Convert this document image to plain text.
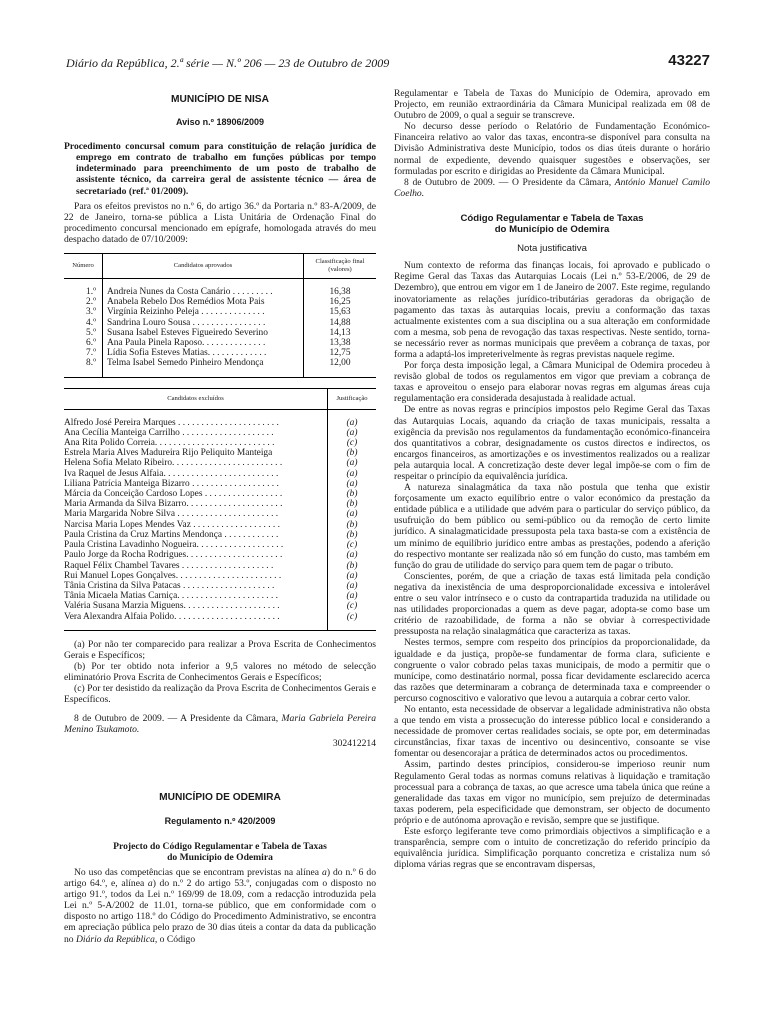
Diário da República, 2.ª série — N.º 206 — 23 de Outubro de 2009	43227

MUNICÍPIO DE NISA

Aviso n.º 18906/2009

Procedimento concursal comum para constituição de relação jurídica de emprego em contrato de trabalho em funções públicas por tempo indeterminado para preenchimento de um posto de trabalho de assistente técnico, da carreira geral de assistente técnico — área de secretariado (ref.ª 01/2009).

Para os efeitos previstos no n.º 6, do artigo 36.º da Portaria n.º 83-A/2009, de 22 de Janeiro, torna-se pública a Lista Unitária de Ordenação Final do procedimento concursal mencionado em epígrafe, homologada através do meu despacho datado de 07/10/2009:

Número	Candidatos aprovados	Classificação final (valores)

1.º	Andreia Nunes da Costa Canário . . . . . . . . .	16,38
2.º	Anabela Rebelo Dos Remédios Mota Pais	16,25
3.º	Virgínia Reizinho Peleja . . . . . . . . . . . . . .	15,63
4.º	Sandrina Louro Sousa . . . . . . . . . . . . . . . .	14,88
5.º	Susana Isabel Esteves Figueiredo Severino	14,13
6.º	Ana Paula Pinela Raposo. . . . . . . . . . . . . .	13,38
7.º	Lídia Sofia Esteves Matias. . . . . . . . . . . . .	12,75
8.º	Telma Isabel Semedo Pinheiro Mendonça	12,00

Candidatos excluídos	Justificação

Alfredo José Pereira Marques . . . . . . . . . . . . . . . . . . . . . .	(a)
Ana Cecília Manteiga Carrilho . . . . . . . . . . . . . . . . . . . .	(a)
Ana Rita Polido Correia. . . . . . . . . . . . . . . . . . . . . . . . . .	(c)
Estrela Maria Alves Madureira Rijo Peliquito Manteiga	(b)
Helena Sofia Melato Ribeiro. . . . . . . . . . . . . . . . . . . . . . . .	(a)
Iva Raquel de Jesus Alfaia. . . . . . . . . . . . . . . . . . . . . . . . .	(a)
Liliana Patrícia Manteiga Bizarro . . . . . . . . . . . . . . . . . . .	(a)
Márcia da Conceição Cardoso Lopes . . . . . . . . . . . . . . . . .	(b)
Maria Armanda da Silva Bizarro. . . . . . . . . . . . . . . . . . . . .	(b)
Maria Margarida Nobre Silva . . . . . . . . . . . . . . . . . . . . . .	(a)
Narcisa Maria Lopes Mendes Vaz . . . . . . . . . . . . . . . . . . .	(b)
Paula Cristina da Cruz Martins Mendonça . . . . . . . . . . . .	(b)
Paula Cristina Lavadinho Nogueira. . . . . . . . . . . . . . . . . . .	(c)
Paulo Jorge da Rocha Rodrigues. . . . . . . . . . . . . . . . . . . . .	(a)
Raquel Félix Chambel Tavares . . . . . . . . . . . . . . . . . . . .	(b)
Rui Manuel Lopes Gonçalves. . . . . . . . . . . . . . . . . . . . . . .	(a)
Tânia Cristina da Silva Patacas . . . . . . . . . . . . . . . . . . . .	(a)
Tânia Micaela Matias Carniça. . . . . . . . . . . . . . . . . . . . . .	(a)
Valéria Susana Marzia Miguens. . . . . . . . . . . . . . . . . . . . .	(c)
Vera Alexandra Alfaia Polido. . . . . . . . . . . . . . . . . . . . . . .	(c)

(a) Por não ter comparecido para realizar a Prova Escrita de Conhecimentos Gerais e Específicos;

(b) Por ter obtido nota inferior a 9,5 valores no método de selecção eliminatório Prova Escrita de Conhecimentos Gerais e Específicos;

(c) Por ter desistido da realização da Prova Escrita de Conhecimentos Gerais e Específicos.

8 de Outubro de 2009. — A Presidente da Câmara, Maria Gabriela Pereira Menino Tsukamoto.

302412214

MUNICÍPIO DE ODEMIRA

Regulamento n.º 420/2009

Projecto do Código Regulamentar e Tabela de Taxas

do Município de Odemira

No uso das competências que se encontram previstas na alínea a) do n.º 6 do artigo 64.º, e, alínea a) do n.º 2 do artigo 53.º, conjugadas com o disposto no artigo 91.º, todos da Lei n.º 169/99 de 18.09, com a redacção introduzida pela Lei n.º 5-A/2002 de 11.01, torna-se público, que em conformidade com o disposto no artigo 118.º do Código do Procedimento Administrativo, se encontra em apreciação pública pelo prazo de 30 dias úteis a contar da data da publicação no Diário da República, o Código

Regulamentar e Tabela de Taxas do Município de Odemira, aprovado em Projecto, em reunião extraordinária da Câmara Municipal realizada em 08 de Outubro de 2009, o qual a seguir se transcreve.

No decurso desse período o Relatório de Fundamentação Económico-Financeira relativo ao valor das taxas, encontra-se disponível para consulta na Divisão Administrativa deste Município, todos os dias úteis durante o horário normal de expediente, devendo quaisquer sugestões e observações, ser formuladas por escrito e dirigidas ao Presidente da Câmara Municipal.

8 de Outubro de 2009. — O Presidente da Câmara, António Manuel Camilo Coelho.

Código Regulamentar e Tabela de Taxas

do Município de Odemira

Nota justificativa

Num contexto de reforma das finanças locais, foi aprovado e publicado o Regime Geral das Taxas das Autarquias Locais (Lei n.º 53-E/2006, de 29 de Dezembro), que entrou em vigor em 1 de Janeiro de 2007. Este regime, regulando inovatoriamente as relações jurídico-tributárias geradoras da obrigação de pagamento das taxas às autarquias locais, previu a conformação das taxas actualmente existentes com a sua disciplina ou a sua alteração em conformidade com a mesma, sob pena de revogação das taxas respectivas. Neste sentido, torna-se necessário rever as normas municipais que prevêem a cobrança de taxas, por forma a adaptá-los impreterivelmente às regras previstas naquele regime.

Por força desta imposição legal, a Câmara Municipal de Odemira procedeu à revisão global de todos os regulamentos em vigor que previam a cobrança de taxas e aproveitou o ensejo para elaborar novas regras em algumas áreas cuja regulamentação era considerada desajustada à realidade actual.

De entre as novas regras e princípios impostos pelo Regime Geral das Taxas das Autarquias Locais, aquando da criação de taxas municipais, ressalta a exigência da previsão nos regulamentos da fundamentação económico-financeira dos quantitativos a cobrar, designadamente os custos directos e indirectos, os encargos financeiros, as amortizações e os investimentos realizados ou a realizar pela autarquia local. A concretização deste dever legal impõe-se com o fim de respeitar o princípio da equivalência jurídica.

A natureza sinalagmática da taxa não postula que tenha que existir forçosamente um exacto equilíbrio entre o valor económico da prestação da entidade pública e a utilidade que advém para o particular do serviço público, da usufruição do bem público ou semi-público ou da remoção de certo limite jurídico. A sinalagmaticidade pressuposta pela taxa basta-se com a existência de um mínimo de equilíbrio jurídico entre ambas as prestações, podendo a aferição do respectivo montante ser realizada não só em função do custo, mas também em função do grau de utilidade do serviço para quem tem de pagar o tributo.

Conscientes, porém, de que a criação de taxas está limitada pela condição negativa da inexistência de uma desproporcionalidade excessiva e intolerável entre o seu valor intrínseco e o custo da contrapartida traduzida na utilidade ou nas utilidades proporcionadas a quem as deve pagar, adopta-se como base um critério de razoabilidade, de forma a não se obviar à correspectividade pressuposta na relação sinalagmática que caracteriza as taxas.

Nestes termos, sempre com respeito dos princípios da proporcionalidade, da igualdade e da justiça, propõe-se fundamentar de forma clara, suficiente e congruente o valor cobrado pelas taxas municipais, de modo a permitir que o munícipe, como destinatário normal, possa ficar devidamente esclarecido acerca das razões que determinaram a cobrança de determinada taxa e compreender o percurso cognoscitivo e valorativo que levou a autarquia a cobrar certo valor.

No entanto, esta necessidade de observar a legalidade administrativa não obsta a que tendo em vista a prossecução do interesse público local e considerando a necessidade de promover certas realidades sociais, se opte por, em determinadas circunstâncias, fixar taxas de incentivo ou desincentivo, consoante se vise fomentar ou desencorajar a prática de determinados actos ou procedimentos.

Assim, partindo destes princípios, considerou-se imperioso reunir num Regulamento Geral todas as normas comuns relativas à liquidação e tramitação processual para a cobrança de taxas, ao que acresce uma tabela única que reúne a generalidade das taxas em vigor no município, sem prejuízo de determinadas taxas poderem, pela especificidade que demonstram, ser objecto de documento próprio e de autónoma aprovação e revisão, sempre que se justifique.

Este esforço legiferante teve como primordiais objectivos a simplificação e a transparência, sempre com o intuito de concretização do referido princípio da equivalência jurídica. Simplificação porquanto concretiza e cristaliza num só diploma várias regras que se encontravam dispersas,
